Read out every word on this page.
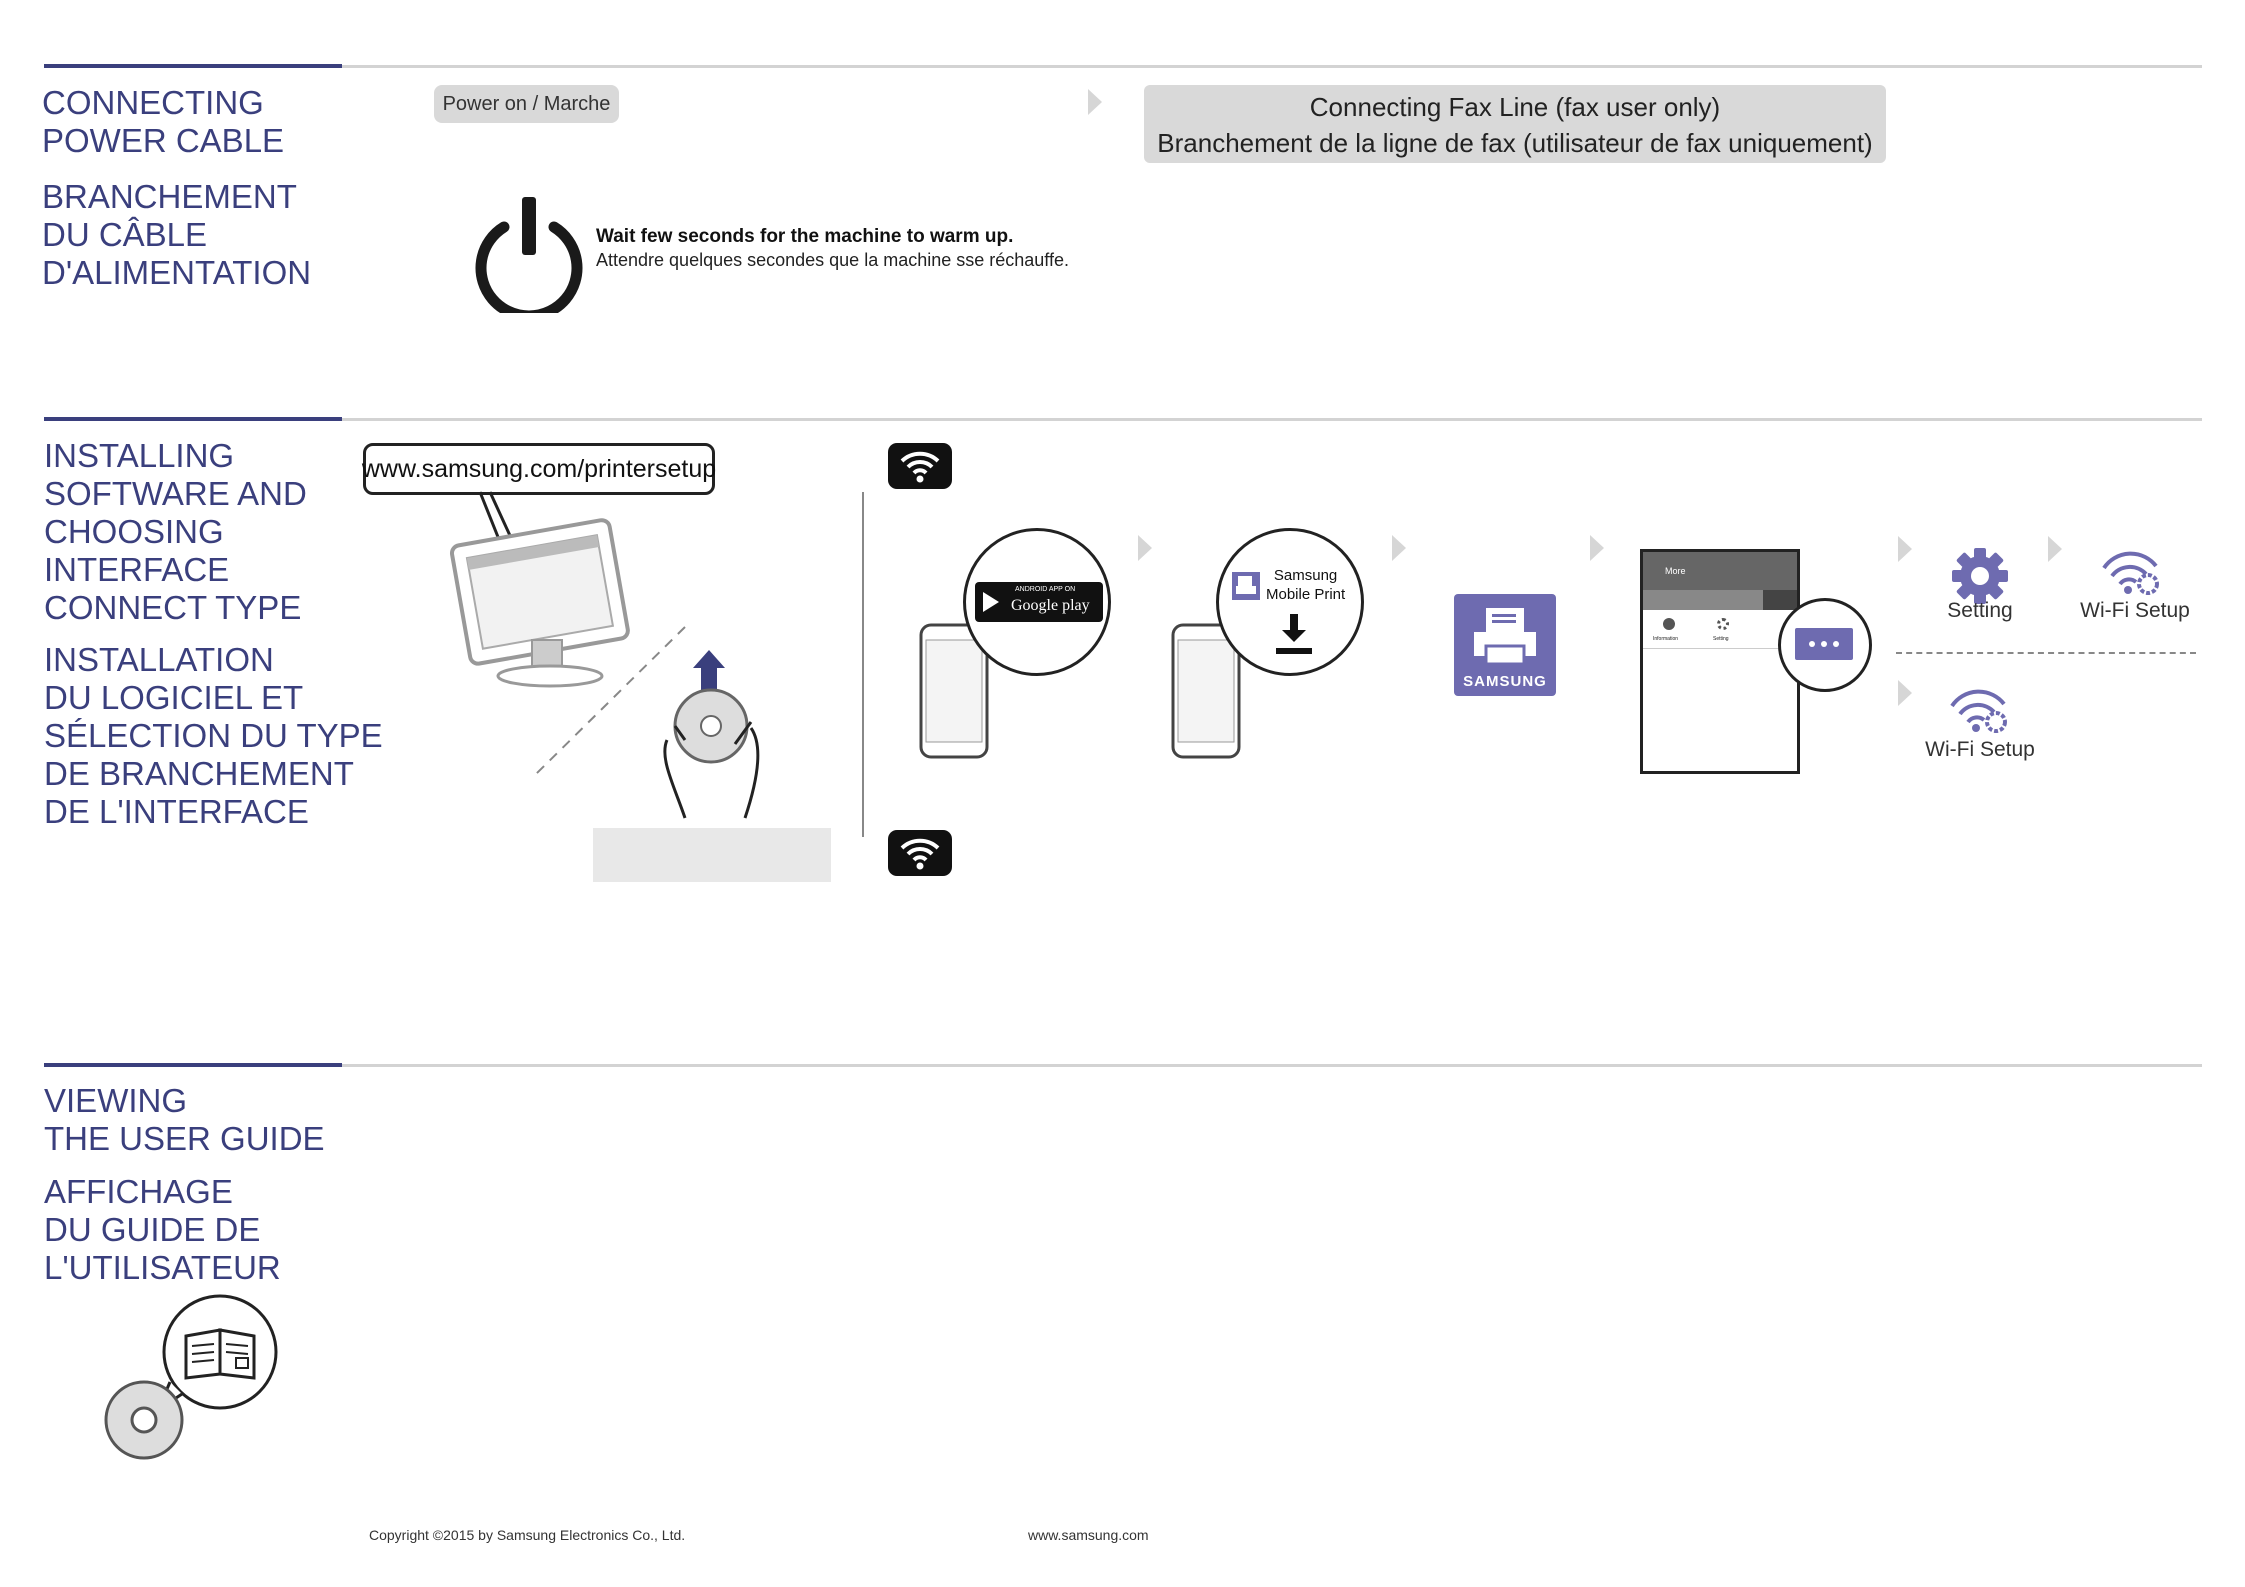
CONNECTING
POWER CABLE
BRANCHEMENT
DU CÂBLE
D'ALIMENTATION
Power on / Marche
Wait few seconds for the machine to warm up.
Attendre quelques secondes que la machine sse réchauffe.
Connecting Fax Line (fax user only)
Branchement de la ligne de fax (utilisateur de fax uniquement)
INSTALLING
SOFTWARE AND
CHOOSING
INTERFACE
CONNECT TYPE
INSTALLATION
DU LOGICIEL ET
SÉLECTION DU TYPE
DE BRANCHEMENT
DE L'INTERFACE
www.samsung.com/printersetup
ANDROID APP ON
Google play
Samsung
Mobile Print
SAMSUNG
More
Information	Setting
Setting	Wi-Fi Setup
Wi-Fi Setup
VIEWING
THE USER GUIDE
AFFICHAGE
DU GUIDE DE
L'UTILISATEUR
Copyright ©2015 by Samsung Electronics Co., Ltd.	www.samsung.com
